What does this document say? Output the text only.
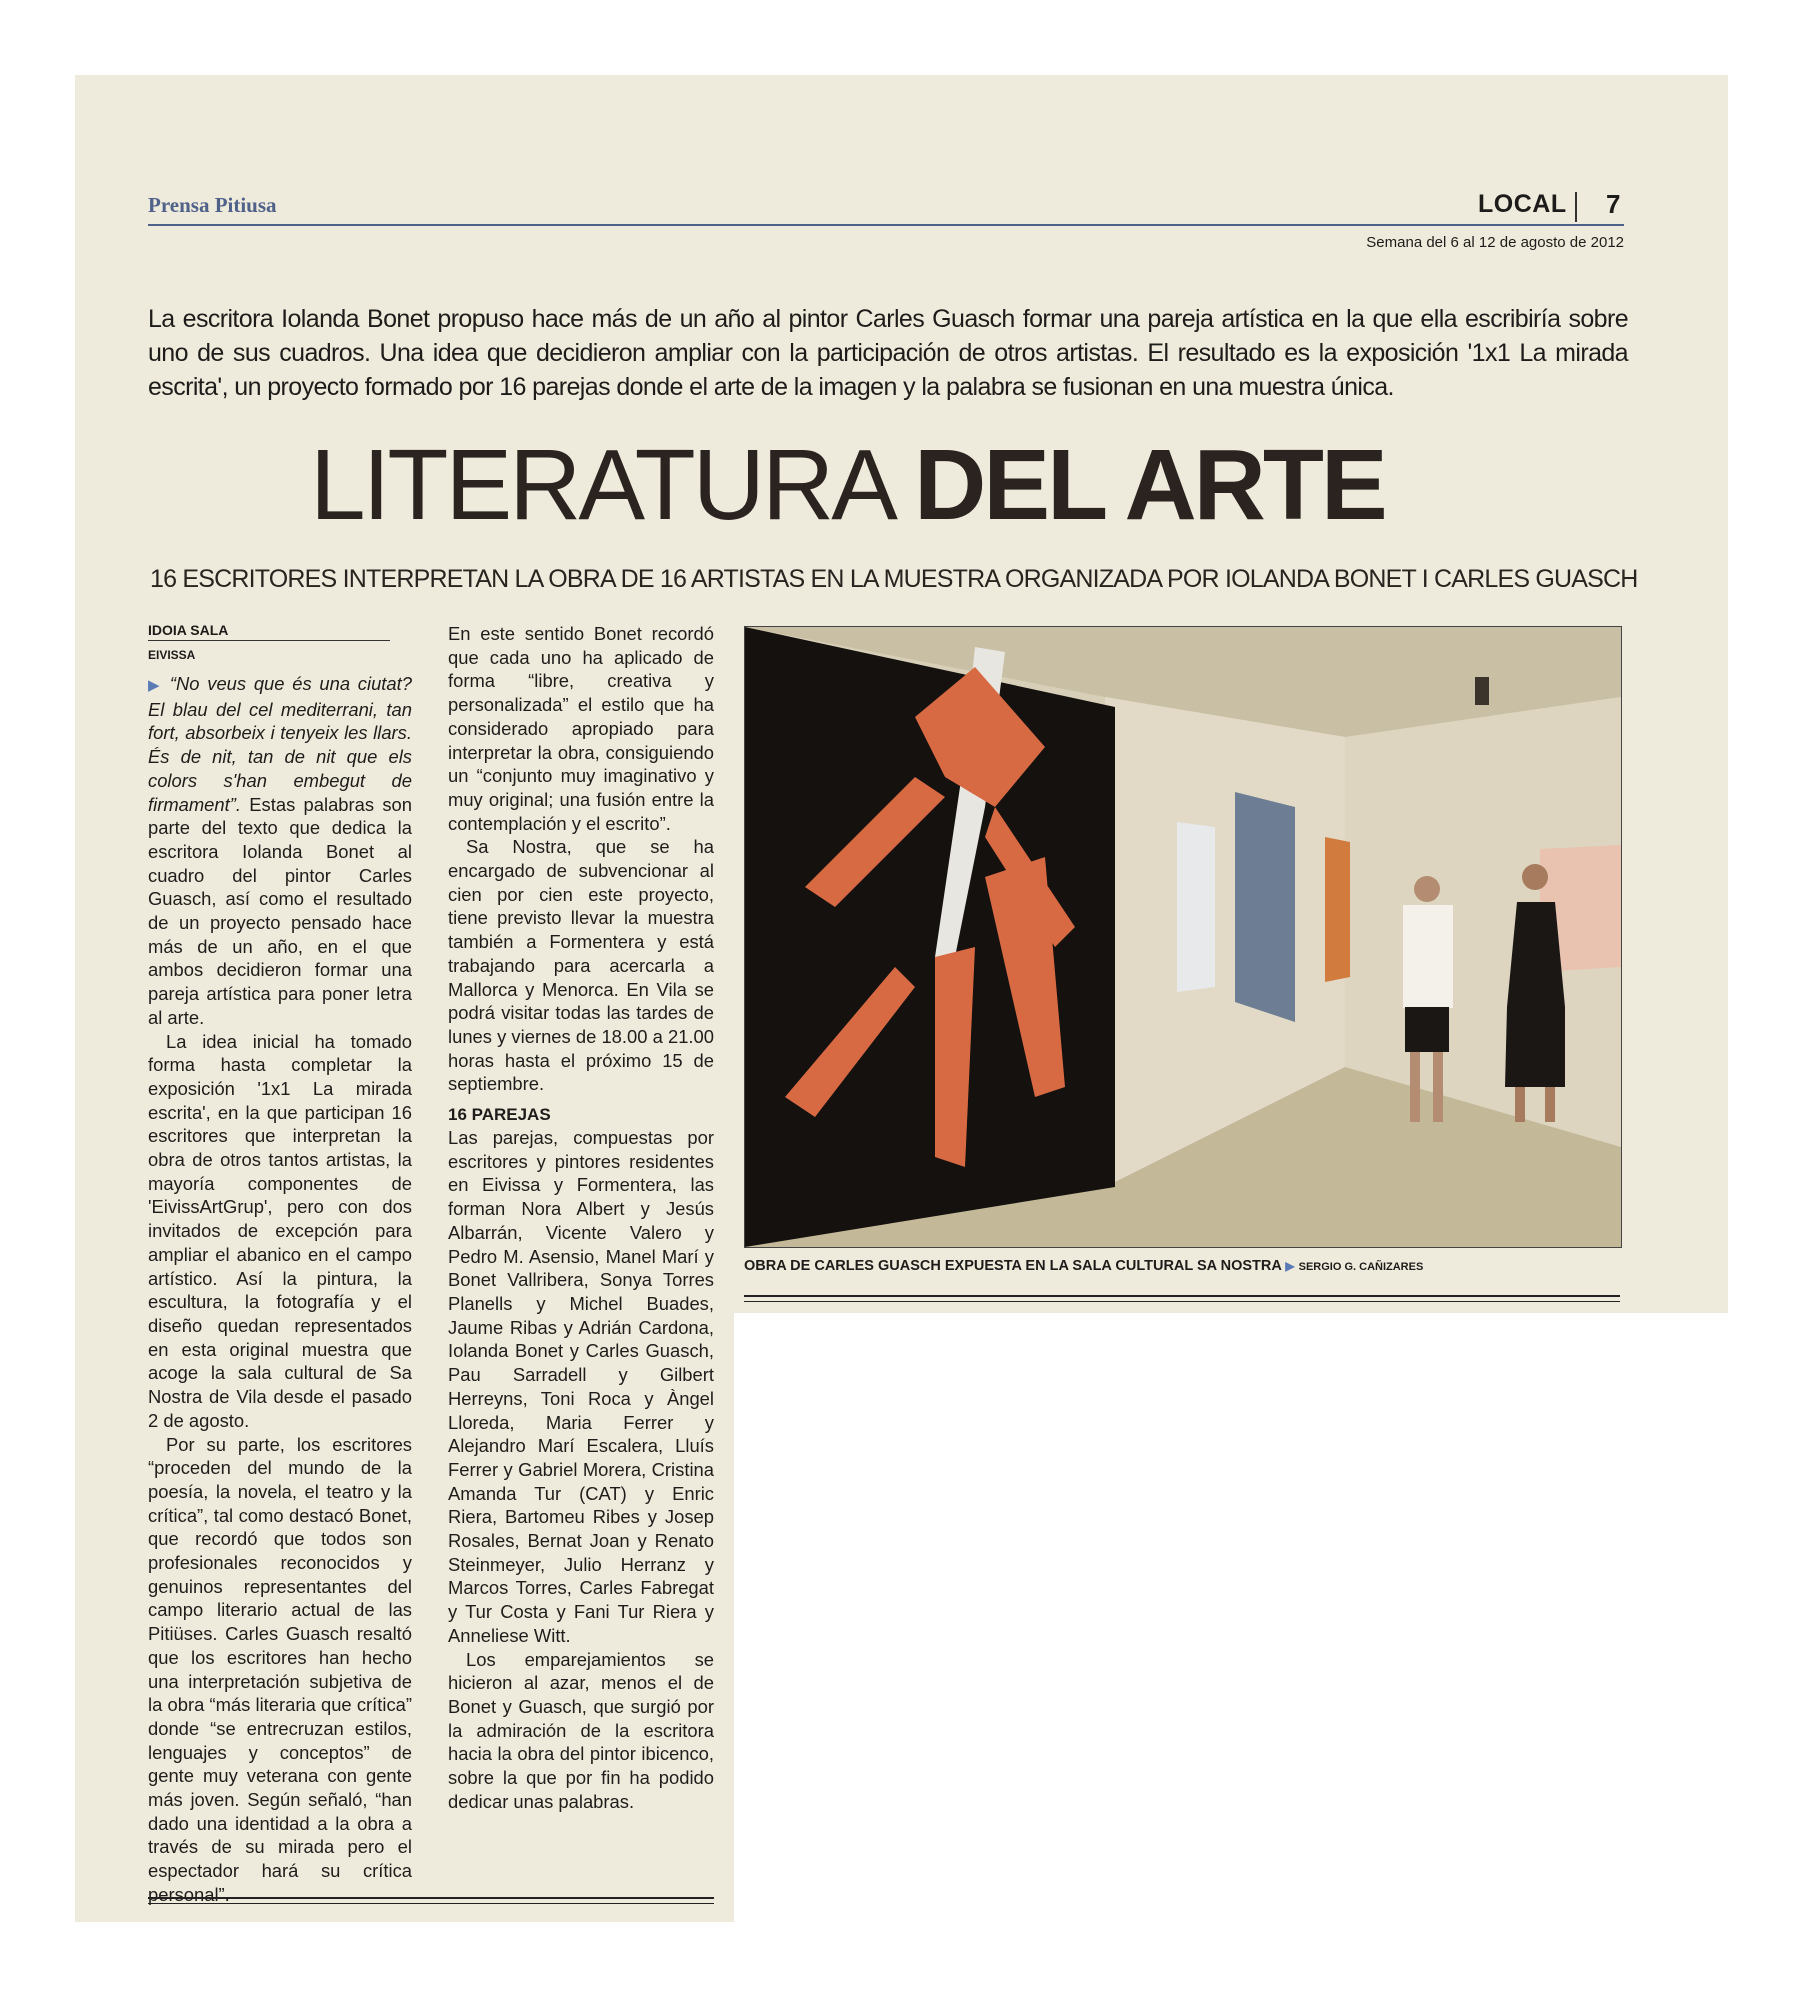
Prensa Pitiusa	LOCAL 7
Semana del 6 al 12 de agosto de 2012

La escritora Iolanda Bonet propuso hace más de un año al pintor Carles Guasch formar una pareja artística en la que ella escribiría sobre uno de sus cuadros. Una idea que decidieron ampliar con la participación de otros artistas. El resultado es la exposición '1x1 La mirada escrita', un proyecto formado por 16 parejas donde el arte de la imagen y la palabra se fusionan en una muestra única.

LITERATURA DEL ARTE
16 ESCRITORES INTERPRETAN LA OBRA DE 16 ARTISTAS EN LA MUESTRA ORGANIZADA POR IOLANDA BONET I CARLES GUASCH
IDOIA SALA
EIVISSA

▶ “No veus que és una ciutat? El blau del cel mediterrani, tan fort, absorbeix i tenyeix les llars. És de nit, tan de nit que els colors s'han embegut de firmament”. Estas palabras son parte del texto que dedica la escritora Iolanda Bonet al cuadro del pintor Carles Guasch, así como el resultado de un proyecto pensado hace más de un año, en el que ambos decidieron formar una pareja artística para poner letra al arte.

La idea inicial ha tomado forma hasta completar la exposición '1x1 La mirada escrita', en la que participan 16 escritores que interpretan la obra de otros tantos artistas, la mayoría componentes de 'EivissArtGrup', pero con dos invitados de excepción para ampliar el abanico en el campo artístico. Así la pintura, la escultura, la fotografía y el diseño quedan representados en esta original muestra que acoge la sala cultural de Sa Nostra de Vila desde el pasado 2 de agosto.

Por su parte, los escritores “proceden del mundo de la poesía, la novela, el teatro y la crítica”, tal como destacó Bonet, que recordó que todos son profesionales reconocidos y genuinos representantes del campo literario actual de las Pitiüses. Carles Guasch resaltó que los escritores han hecho una interpretación subjetiva de la obra “más literaria que crítica” donde “se entrecruzan estilos, lenguajes y conceptos” de gente muy veterana con gente más joven. Según señaló, “han dado una identidad a la obra a través de su mirada pero el espectador hará su crítica personal”.

En este sentido Bonet recordó que cada uno ha aplicado de forma “libre, creativa y personalizada” el estilo que ha considerado apropiado para interpretar la obra, consiguiendo un “conjunto muy imaginativo y muy original; una fusión entre la contemplación y el escrito”.

Sa Nostra, que se ha encargado de subvencionar al cien por cien este proyecto, tiene previsto llevar la muestra también a Formentera y está trabajando para acercarla a Mallorca y Menorca. En Vila se podrá visitar todas las tardes de lunes y viernes de 18.00 a 21.00 horas hasta el próximo 15 de septiembre.

16 PAREJAS

Las parejas, compuestas por escritores y pintores residentes en Eivissa y Formentera, las forman Nora Albert y Jesús Albarrán, Vicente Valero y Pedro M. Asensio, Manel Marí y Bonet Vallribera, Sonya Torres Planells y Michel Buades, Jaume Ribas y Adrián Cardona, Iolanda Bonet y Carles Guasch, Pau Sarradell y Gilbert Herreyns, Toni Roca y Àngel Lloreda, Maria Ferrer y Alejandro Marí Escalera, Lluís Ferrer y Gabriel Morera, Cristina Amanda Tur (CAT) y Enric Riera, Bartomeu Ribes y Josep Rosales, Bernat Joan y Renato Steinmeyer, Julio Herranz y Marcos Torres, Carles Fabregat y Tur Costa y Fani Tur Riera y Anneliese Witt.

Los emparejamientos se hicieron al azar, menos el de Bonet y Guasch, que surgió por la admiración de la escritora hacia la obra del pintor ibicenco, sobre la que por fin ha podido dedicar unas palabras.

OBRA DE CARLES GUASCH EXPUESTA EN LA SALA CULTURAL SA NOSTRA ▶ SERGIO G. CAÑIZARES
